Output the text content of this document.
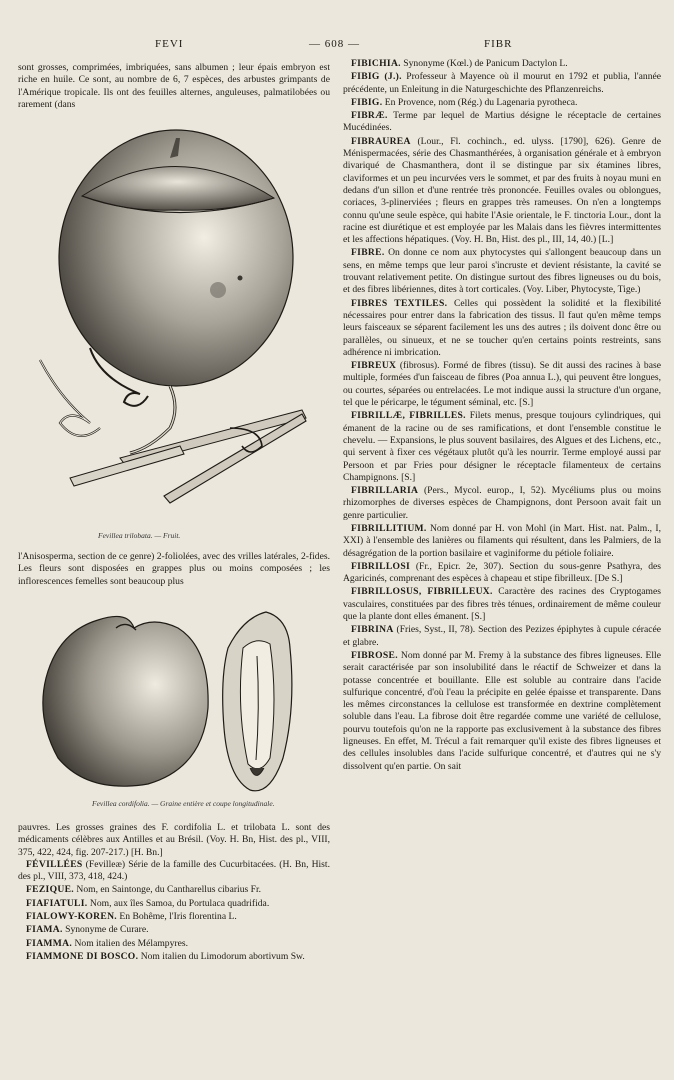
FEVI	— 608 —	FIBR

sont grosses, comprimées, imbriquées, sans albumen ; leur épais embryon est riche en huile. Ce sont, au nombre de 6, 7 espèces, des arbustes grimpants de l'Amérique tropicale. Ils ont des feuilles alternes, anguleuses, palmatilobées ou rarement (dans

Fevillea trilobata. — Fruit.

l'Anisosperma, section de ce genre) 2-foliolées, avec des vrilles latérales, 2-fides. Les fleurs sont disposées en grappes plus ou moins composées ; les inflorescences femelles sont beaucoup plus

Fevillea cordifolia. — Graine entière et coupe longitudinale.

pauvres. Les grosses graines des F. cordifolia L. et trilobata L. sont des médicaments célèbres aux Antilles et au Brésil. (Voy. H. Bn, Hist. des pl., VIII, 375, 422, 424, fig. 207-217.) [H. Bn.]

FÉVILLÉES (Fevilleæ) Série de la famille des Cucurbitacées. (H. Bn, Hist. des pl., VIII, 373, 418, 424.)

FEZIQUE. Nom, en Saintonge, du Cantharellus cibarius Fr.

FIAFIATULI. Nom, aux îles Samoa, du Portulaca quadrifida.

FIALOWY-KOREN. En Bohême, l'Iris florentina L.

FIAMA. Synonyme de Curare.

FIAMMA. Nom italien des Mélampyres.

FIAMMONE DI BOSCO. Nom italien du Limodorum abortivum Sw.

FIBICHIA. Synonyme (Kœl.) de Panicum Dactylon L.

FIBIG (J.). Professeur à Mayence où il mourut en 1792 et publia, l'année précédente, un Enleitung in die Naturgeschichte des Pflanzenreichs.

FIBIG. En Provence, nom (Rég.) du Lagenaria pyrotheca.

FIBRÆ. Terme par lequel de Martius désigne le réceptacle de certaines Mucédinées.

FIBRAUREA (Lour., Fl. cochinch., ed. ulyss. [1790], 626). Genre de Ménispermacées, série des Chasmanthérées, à organisation générale et à embryon divariqué de Chasmanthera, dont il se distingue par six étamines libres, claviformes et un peu incurvées vers le sommet, et par des fruits à noyau muni en dedans d'un sillon et d'une rentrée très prononcée. Feuilles ovales ou oblongues, coriaces, 3-plinerviées ; fleurs en grappes très rameuses. On n'en a longtemps connu qu'une seule espèce, qui habite l'Asie orientale, le F. tinctoria Lour., dont la racine est diurétique et est employée par les Malais dans les fièvres intermittentes et les affections hépatiques. (Voy. H. Bn, Hist. des pl., III, 14, 40.) [L.]

FIBRE. On donne ce nom aux phytocystes qui s'allongent beaucoup dans un sens, en même temps que leur paroi s'incruste et devient résistante, la cavité se trouvant relativement petite. On distingue surtout des fibres ligneuses ou du bois, et des fibres libériennes, dites à tort corticales. (Voy. Liber, Phytocyste, Tige.)

FIBRES TEXTILES. Celles qui possèdent la solidité et la flexibilité nécessaires pour entrer dans la fabrication des tissus. Il faut qu'en même temps leurs faisceaux se séparent facilement les uns des autres ; ils doivent donc être ou parallèles, ou sinueux, et ne se toucher qu'en certains points restreints, sans adhérence ni imbrication.

FIBREUX (fibrosus). Formé de fibres (tissu). Se dit aussi des racines à base multiple, formées d'un faisceau de fibres (Poa annua L.), qui peuvent être longues, ou courtes, séparées ou entrelacées. Le mot indique aussi la structure d'un organe, tel que le péricarpe, le tégument séminal, etc. [S.]

FIBRILLÆ, FIBRILLES. Filets menus, presque toujours cylindriques, qui émanent de la racine ou de ses ramifications, et dont l'ensemble constitue le chevelu. — Expansions, le plus souvent basilaires, des Algues et des Lichens, etc., qui servent à fixer ces végétaux plutôt qu'à les nourrir. Terme employé aussi par Persoon et par Fries pour désigner le réceptacle filamenteux de certains Champignons. [S.]

FIBRILLARIA (Pers., Mycol. europ., I, 52). Mycéliums plus ou moins rhizomorphes de diverses espèces de Champignons, dont Persoon avait fait un genre particulier.

FIBRILLITIUM. Nom donné par H. von Mohl (in Mart. Hist. nat. Palm., I, XXI) à l'ensemble des lanières ou filaments qui résultent, dans les Palmiers, de la désagrégation de la portion basilaire et vaginiforme du pétiole foliaire.

FIBRILLOSI (Fr., Epicr. 2e, 307). Section du sous-genre Psathyra, des Agaricinés, comprenant des espèces à chapeau et stipe fibrilleux. [De S.]

FIBRILLOSUS, FIBRILLEUX. Caractère des racines des Cryptogames vasculaires, constituées par des fibres très ténues, ordinairement de même couleur que la plante dont elles émanent. [S.]

FIBRINA (Fries, Syst., II, 78). Section des Pezizes épiphytes à cupule céracée et glabre.

FIBROSE. Nom donné par M. Fremy à la substance des fibres ligneuses. Elle serait caractérisée par son insolubilité dans le réactif de Schweizer et dans la potasse concentrée et bouillante. Elle est soluble au contraire dans l'acide sulfurique concentré, d'où l'eau la précipite en gelée épaisse et transparente. Dans les mêmes circonstances la cellulose est transformée en dextrine complètement soluble dans l'eau. La fibrose doit être regardée comme une variété de cellulose, pourvu toutefois qu'on ne la rapporte pas exclusivement à la substance des fibres ligneuses. En effet, M. Trécul a fait remarquer qu'il existe des fibres ligneuses et des cellules insolubles dans l'acide sulfurique concentré, et d'autres qui ne s'y dissolvent qu'en partie. On sait
